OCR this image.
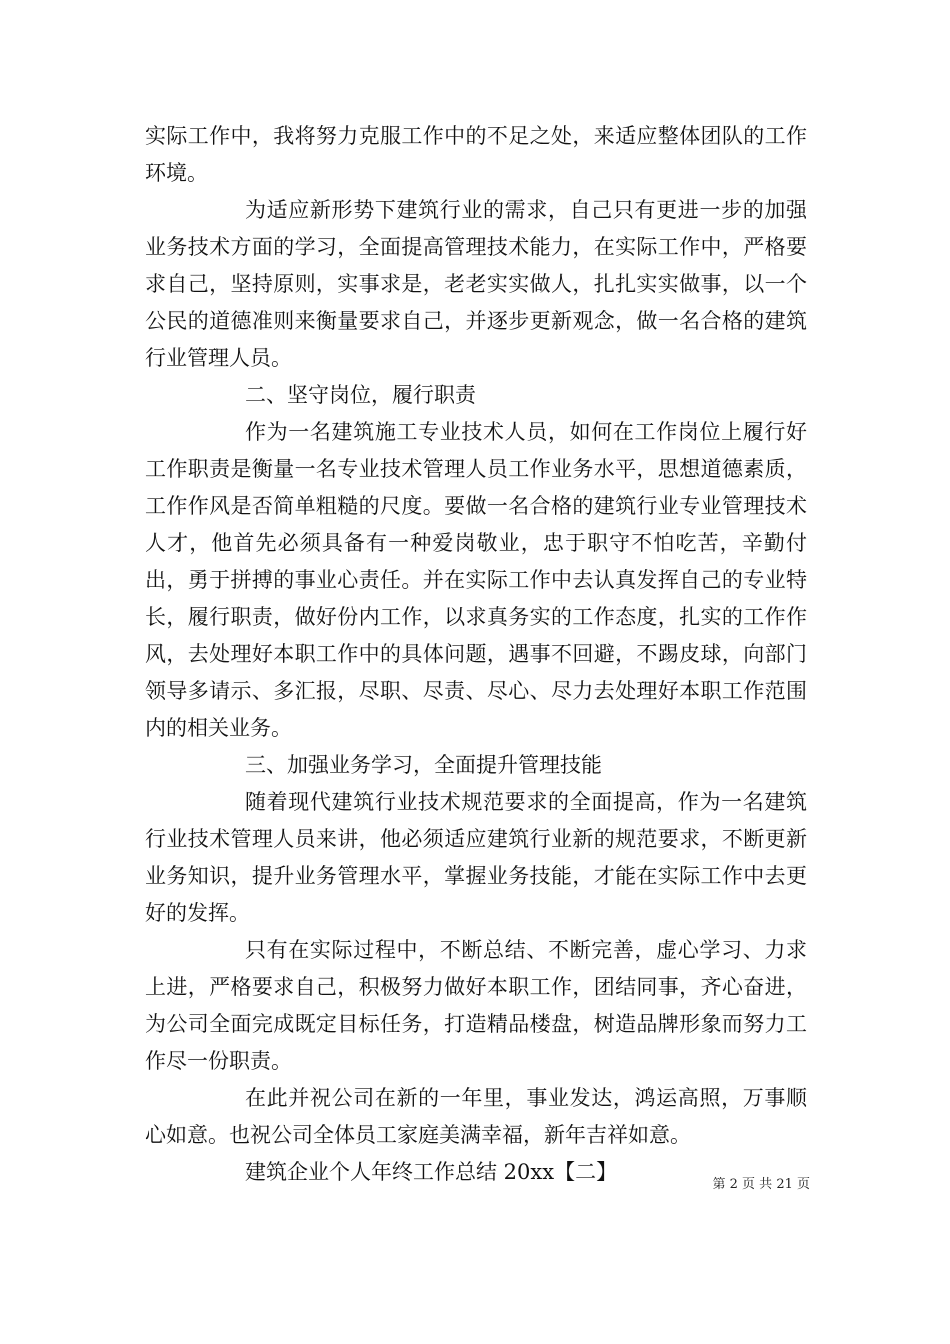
实际工作中，我将努力克服工作中的不足之处，来适应整体团队的工作环境。

为适应新形势下建筑行业的需求，自己只有更进一步的加强业务技术方面的学习，全面提高管理技术能力，在实际工作中，严格要求自己，坚持原则，实事求是，老老实实做人，扎扎实实做事，以一个公民的道德准则来衡量要求自己，并逐步更新观念，做一名合格的建筑行业管理人员。

二、坚守岗位，履行职责

作为一名建筑施工专业技术人员，如何在工作岗位上履行好工作职责是衡量一名专业技术管理人员工作业务水平，思想道德素质，工作作风是否简单粗糙的尺度。要做一名合格的建筑行业专业管理技术人才，他首先必须具备有一种爱岗敬业，忠于职守不怕吃苦，辛勤付出，勇于拼搏的事业心责任。并在实际工作中去认真发挥自己的专业特长，履行职责，做好份内工作，以求真务实的工作态度，扎实的工作作风，去处理好本职工作中的具体问题，遇事不回避，不踢皮球，向部门领导多请示、多汇报，尽职、尽责、尽心、尽力去处理好本职工作范围内的相关业务。

三、加强业务学习，全面提升管理技能

随着现代建筑行业技术规范要求的全面提高，作为一名建筑行业技术管理人员来讲，他必须适应建筑行业新的规范要求，不断更新业务知识，提升业务管理水平，掌握业务技能，才能在实际工作中去更好的发挥。

只有在实际过程中，不断总结、不断完善，虚心学习、力求上进，严格要求自己，积极努力做好本职工作，团结同事，齐心奋进，为公司全面完成既定目标任务，打造精品楼盘，树造品牌形象而努力工作尽一份职责。

在此并祝公司在新的一年里，事业发达，鸿运高照，万事顺心如意。也祝公司全体员工家庭美满幸福，新年吉祥如意。

建筑企业个人年终工作总结 20xx【二】

第 2 页 共 21 页
